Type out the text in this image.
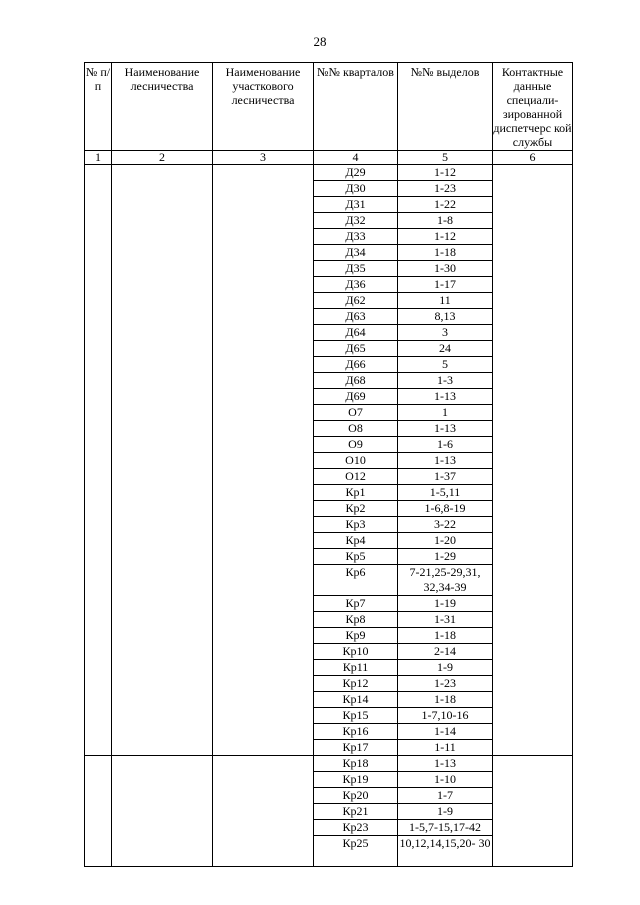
28
№ п/п	Наименование лесничества	Наименование участкового лесничества	№№ кварталов	№№ выделов	Контактные данные специали- зированной диспетчерс кой службы
1	2	3	4	5	6
			Д29	1-12	
			Д30	1-23	
			Д31	1-22	
			Д32	1-8	
			Д33	1-12	
			Д34	1-18	
			Д35	1-30	
			Д36	1-17	
			Д62	11	
			Д63	8,13	
			Д64	3	
			Д65	24	
			Д66	5	
			Д68	1-3	
			Д69	1-13	
			О7	1	
			О8	1-13	
			О9	1-6	
			О10	1-13	
			О12	1-37	
			Кр1	1-5,11	
			Кр2	1-6,8-19	
			Кр3	3-22	
			Кр4	1-20	
			Кр5	1-29	
			Кр6	7-21,25-29,31, 32,34-39	
			Кр7	1-19	
			Кр8	1-31	
			Кр9	1-18	
			Кр10	2-14	
			Кр11	1-9	
			Кр12	1-23	
			Кр14	1-18	
			Кр15	1-7,10-16	
			Кр16	1-14	
			Кр17	1-11	
			Кр18	1-13	
			Кр19	1-10	
			Кр20	1-7	
			Кр21	1-9	
			Кр23	1-5,7-15,17-42	
			Кр25	10,12,14,15,20- 30	
